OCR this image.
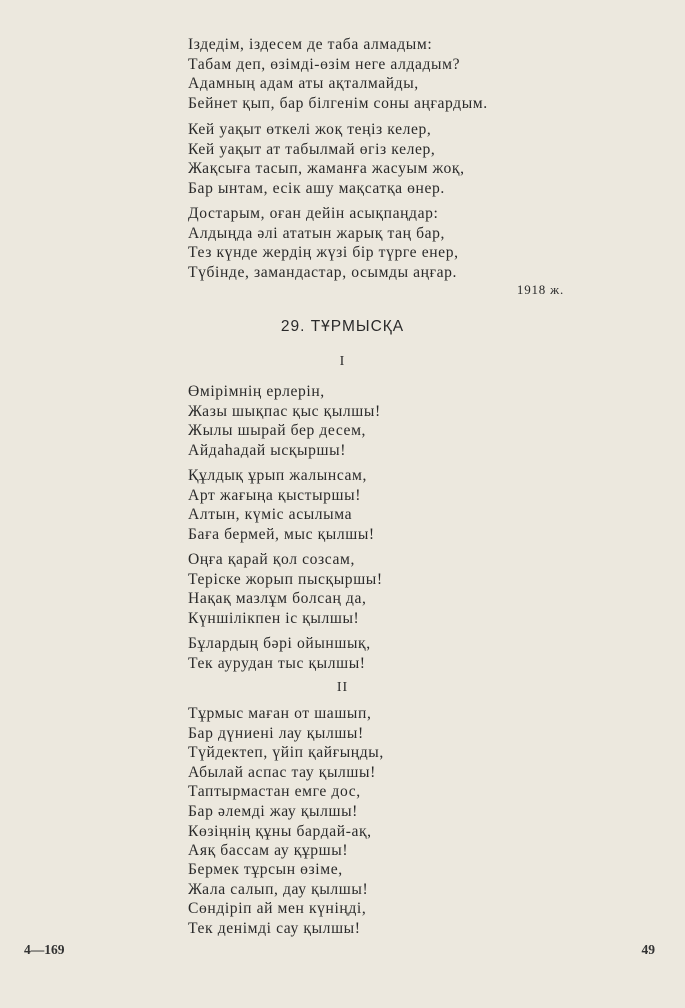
Іздедім, іздесем де таба алмадым:
Табам деп, өзімді-өзім неге алдадым?
Адамның адам аты ақталмайды,
Бейнет қып, бар білгенім соны аңғардым.
Кей уақыт өткелі жоқ теңіз келер,
Кей уақыт ат табылмай өгіз келер,
Жақсыға тасып, жаманға жасуым жоқ,
Бар ынтам, есік ашу мақсатқа өнер.
Достарым, оған дейін асықпаңдар:
Алдыңда әлі ататын жарық таң бар,
Тез күнде жердің жүзі бір түрге енер,
Түбінде, замандастар, осымды аңғар.
1918 ж.
29. ТҰРМЫСҚА
I
Өмірімнің ерлерін,
Жазы шықпас қыс қылшы!
Жылы шырай бер десем,
Айдаһадай ысқыршы!
Құлдық ұрып жалынсам,
Арт жағыңа қыстыршы!
Алтын, күміс асылыма
Баға бермей, мыс қылшы!
Оңға қарай қол созсам,
Теріске жорып пысқыршы!
Нақақ мазлұм болсаң да,
Күншілікпен іс қылшы!
Бұлардың бәрі ойыншық,
Тек аурудан тыс қылшы!
II
Тұрмыс маған от шашып,
Бар дүниені лау қылшы!
Түйдектеп, үйіп қайғыңды,
Абылай аспас тау қылшы!
Таптырмастан емге дос,
Бар әлемді жау қылшы!
Көзіңнің құны бардай-ақ,
Аяқ бассам ау құршы!
Бермек тұрсын өзіме,
Жала салып, дау қылшы!
Сөндіріп ай мен күніңді,
Тек денімді сау қылшы!
4—169	49
